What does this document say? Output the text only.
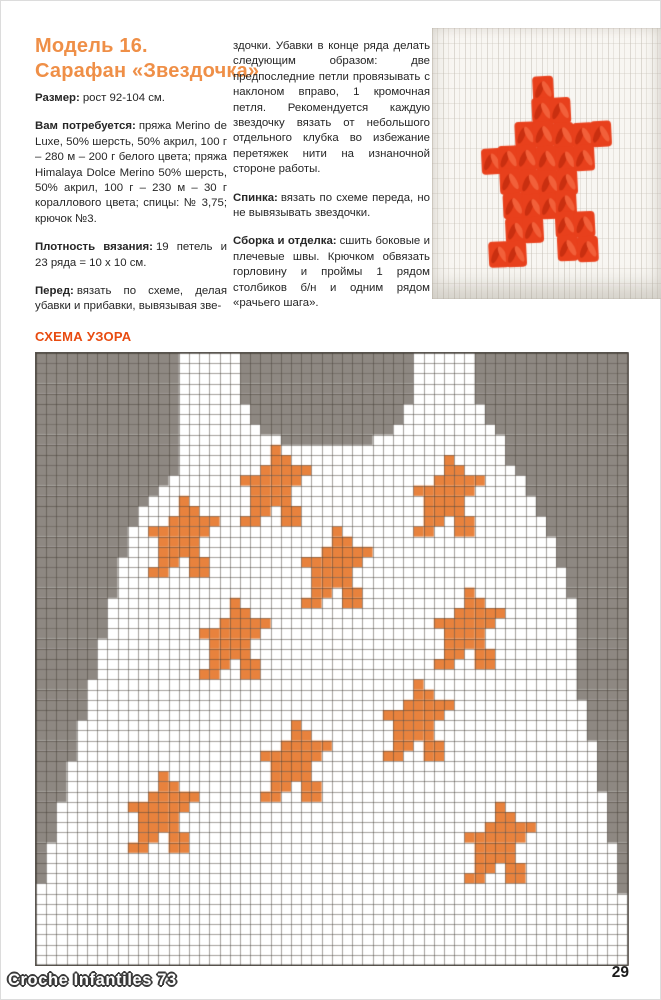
Модель 16.
Сарафан «Звездочка»

Размер: рост 92-104 см.

Вам потребуется: пряжа Merino de Luxe, 50% шерсть, 50% акрил, 100 г – 280 м – 200 г белого цвета; пряжа Himalaya Dolce Merino 50% шерсть, 50% акрил, 100 г – 230 м – 30 г кораллового цвета; спицы: № 3,75; крючок №3.

Плотность вязания: 19 петель и 23 ряда = 10 х 10 см.

Перед: вязать по схеме, делая убавки и прибавки, вывязывая зве-

здочки. Убавки в конце ряда делать следующим образом: две предпоследние петли провязывать с наклоном вправо, 1 кромочная петля. Рекомендуется каждую звездочку вязать от небольшого отдельного клубка во избежание перетяжек нити на изнаночной стороне работы.

Спинка: вязать по схеме переда, но не вывязывать звездочки.

Сборка и отделка: сшить боковые и плечевые швы. Крючком обвязать горловину и проймы 1 рядом столбиков б/н и одним рядом «рачьего шага».

СХЕМА УЗОРА
Croche Infantiles 73	29
